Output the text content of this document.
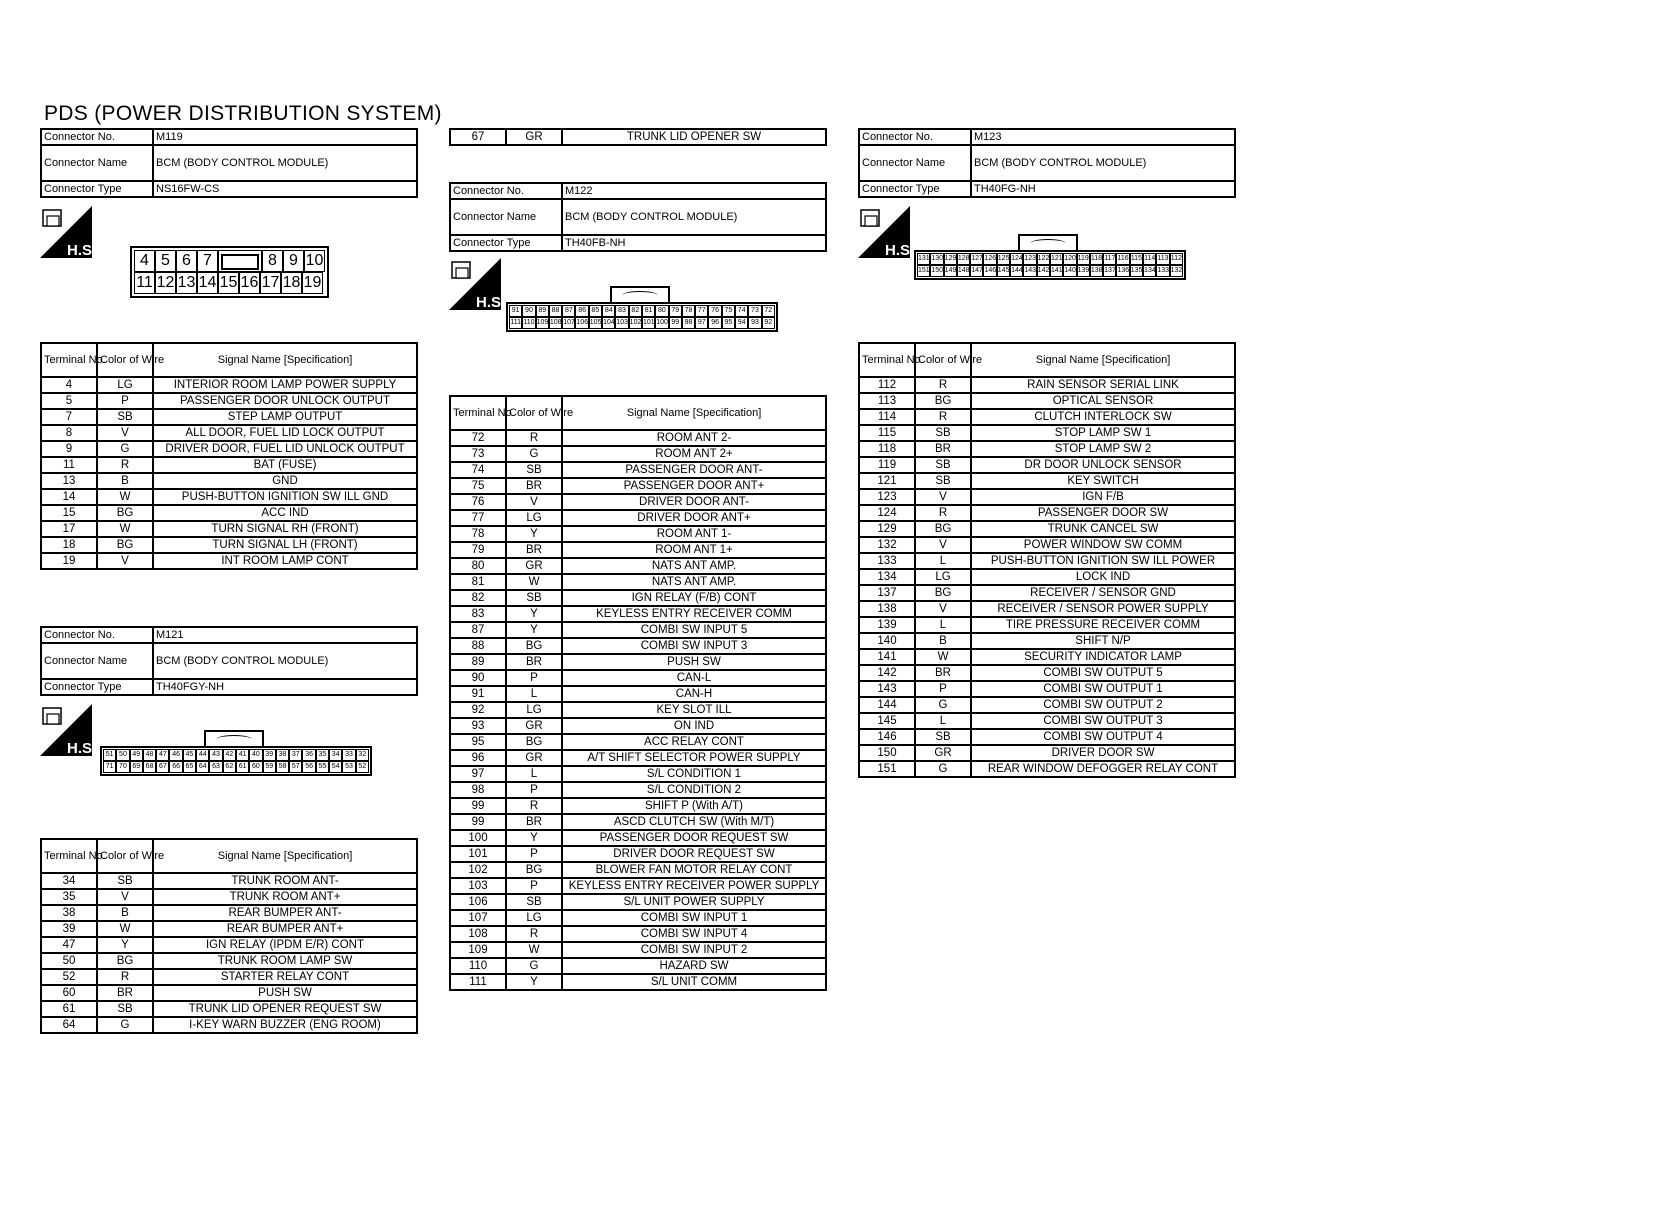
PDS (POWER DISTRIBUTION SYSTEM)
Connector No.	M119
Connector Name	BCM (BODY CONTROL MODULE)
Connector Type	NS16FW-CS
H.S.
4 5 6 7	8 9 10
11 12 13 14 15 16 17 18 19
Terminal No.	Color of Wire	Signal Name [Specification]
4	LG	INTERIOR ROOM LAMP POWER SUPPLY
5	P	PASSENGER DOOR UNLOCK OUTPUT
7	SB	STEP LAMP OUTPUT
8	V	ALL DOOR, FUEL LID LOCK OUTPUT
9	G	DRIVER DOOR, FUEL LID UNLOCK OUTPUT
11	R	BAT (FUSE)
13	B	GND
14	W	PUSH-BUTTON IGNITION SW ILL GND
15	BG	ACC IND
17	W	TURN SIGNAL RH (FRONT)
18	BG	TURN SIGNAL LH (FRONT)
19	V	INT ROOM LAMP CONT
Connector No.	M121
Connector Name	BCM (BODY CONTROL MODULE)
Connector Type	TH40FGY-NH
H.S.	51 50 49 48 47 46 45 44 43 42 41 40 39 38 37 36 35 34 33 32
71 70 69 68 67 66 65 64 63 62 61 60 59 58 57 56 55 54 53 52
Terminal No.	Color of Wire	Signal Name [Specification]
34	SB	TRUNK ROOM ANT-
35	V	TRUNK ROOM ANT+
38	B	REAR BUMPER ANT-
39	W	REAR BUMPER ANT+
47	Y	IGN RELAY (IPDM E/R) CONT
50	BG	TRUNK ROOM LAMP SW
52	R	STARTER RELAY CONT
60	BR	PUSH SW
61	SB	TRUNK LID OPENER REQUEST SW
64	G	I-KEY WARN BUZZER (ENG ROOM)
67	GR	TRUNK LID OPENER SW
Connector No.	M122
Connector Name	BCM (BODY CONTROL MODULE)
Connector Type	TH40FB-NH
H.S. 91 90 89 88 87 86 85 84 83 82 81 80 79 78 77 76 75 74 73 72
111 110 109 108 107 106 105 104 103 102 101 100 99 98 97 96 95 94 93 92
Terminal No.	Color of Wire	Signal Name [Specification]
72	R	ROOM ANT 2-
73	G	ROOM ANT 2+
74	SB	PASSENGER DOOR ANT-
75	BR	PASSENGER DOOR ANT+
76	V	DRIVER DOOR ANT-
77	LG	DRIVER DOOR ANT+
78	Y	ROOM ANT 1-
79	BR	ROOM ANT 1+
80	GR	NATS ANT AMP.
81	W	NATS ANT AMP.
82	SB	IGN RELAY (F/B) CONT
83	Y	KEYLESS ENTRY RECEIVER COMM
87	Y	COMBI SW INPUT 5
88	BG	COMBI SW INPUT 3
89	BR	PUSH SW
90	P	CAN-L
91	L	CAN-H
92	LG	KEY SLOT ILL
93	GR	ON IND
95	BG	ACC RELAY CONT
96	GR	A/T SHIFT SELECTOR POWER SUPPLY
97	L	S/L CONDITION 1
98	P	S/L CONDITION 2
99	R	SHIFT P (With A/T)
99	BR	ASCD CLUTCH SW (With M/T)
100	Y	PASSENGER DOOR REQUEST SW
101	P	DRIVER DOOR REQUEST SW
102	BG	BLOWER FAN MOTOR RELAY CONT
103	P	KEYLESS ENTRY RECEIVER POWER SUPPLY
106	SB	S/L UNIT POWER SUPPLY
107	LG	COMBI SW INPUT 1
108	R	COMBI SW INPUT 4
109	W	COMBI SW INPUT 2
110	G	HAZARD SW
111	Y	S/L UNIT COMM
Connector No.	M123
Connector Name	BCM (BODY CONTROL MODULE)
Connector Type	TH40FG-NH
H.S. 131 130 129 128 127 126 125 124 123 122 121 120 119 118 117 116 115 114 113 112
151 150 149 148 147 146 145 144 143 142 141 140 139 138 137 136 135 134 133 132
Terminal No.	Color of Wire	Signal Name [Specification]
112	R	RAIN SENSOR SERIAL LINK
113	BG	OPTICAL SENSOR
114	R	CLUTCH INTERLOCK SW
115	SB	STOP LAMP SW 1
118	BR	STOP LAMP SW 2
119	SB	DR DOOR UNLOCK SENSOR
121	SB	KEY SWITCH
123	V	IGN F/B
124	R	PASSENGER DOOR SW
129	BG	TRUNK CANCEL SW
132	V	POWER WINDOW SW COMM
133	L	PUSH-BUTTON IGNITION SW ILL POWER
134	LG	LOCK IND
137	BG	RECEIVER / SENSOR GND
138	V	RECEIVER / SENSOR POWER SUPPLY
139	L	TIRE PRESSURE RECEIVER COMM
140	B	SHIFT N/P
141	W	SECURITY INDICATOR LAMP
142	BR	COMBI SW OUTPUT 5
143	P	COMBI SW OUTPUT 1
144	G	COMBI SW OUTPUT 2
145	L	COMBI SW OUTPUT 3
146	SB	COMBI SW OUTPUT 4
150	GR	DRIVER DOOR SW
151	G	REAR WINDOW DEFOGGER RELAY CONT
